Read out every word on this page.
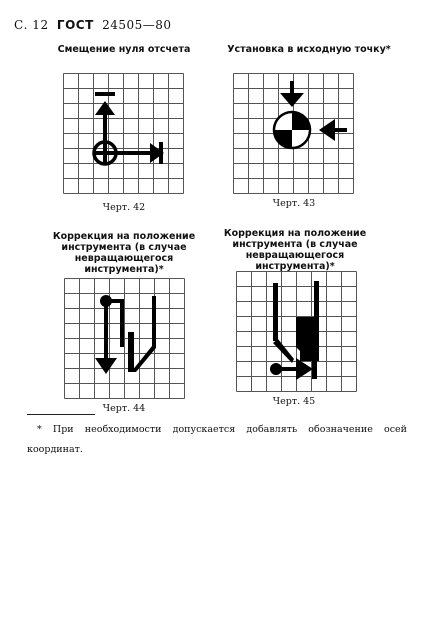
С. 12 ГОСТ 24505—80
Смещение нуля отсчета
Черт. 42
Установка в исходную точку*
Черт. 43
Коррекция на положение инструмента (в случае невращающегося инструмента)*
Черт. 44
Коррекция на положение инструмента (в случае невращающегося инструмента)*
Черт. 45
* При необходимости допускается добавлять обозначение осей координат.
